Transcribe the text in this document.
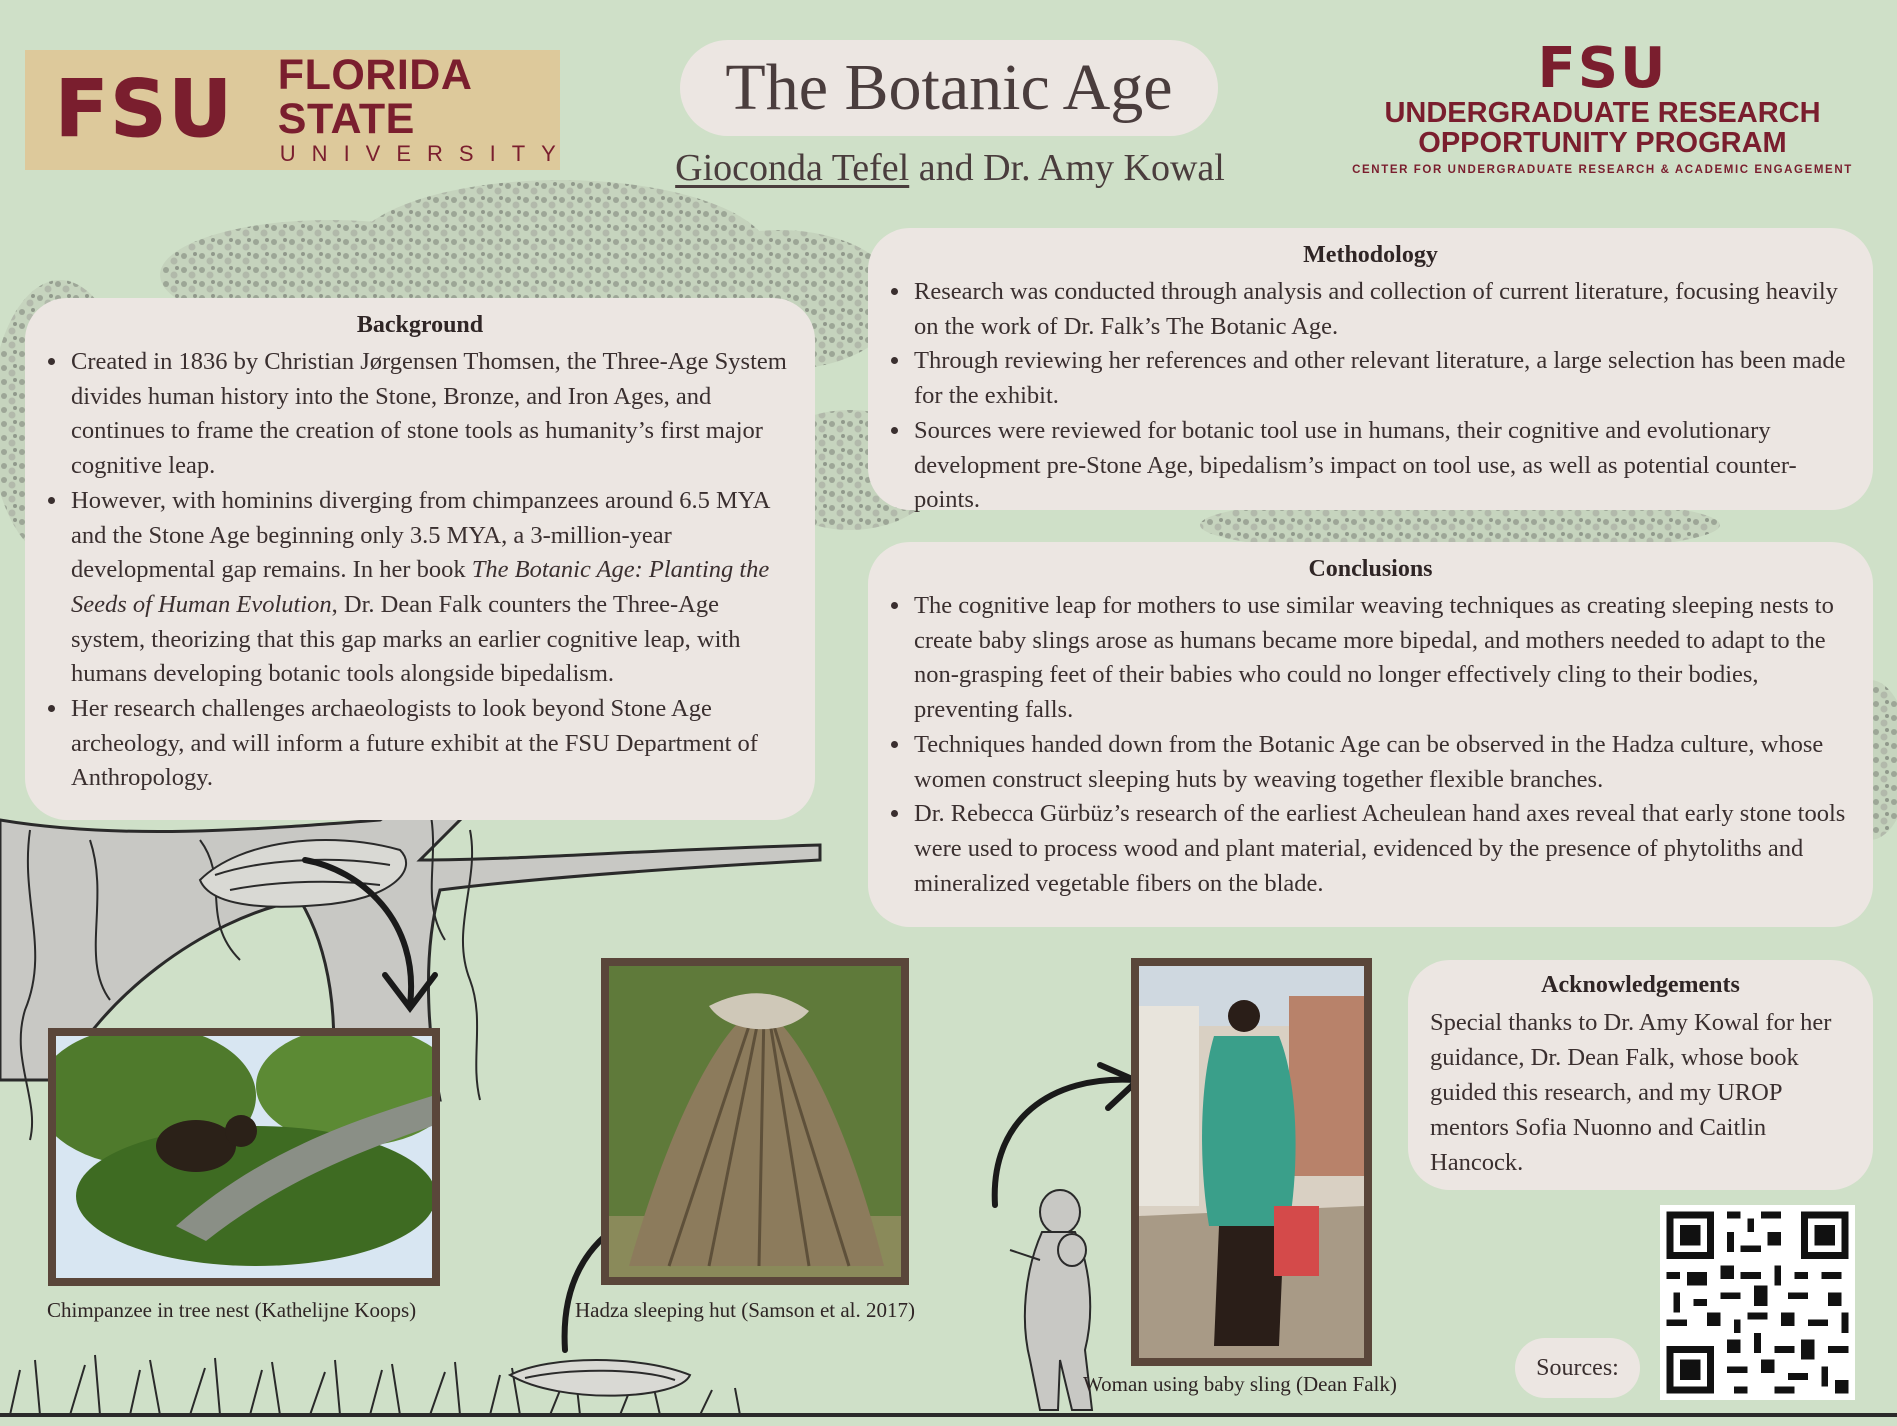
FSU FLORIDA STATE
UNIVERSITY
The Botanic Age
Gioconda Tefel and Dr. Amy Kowal
FSU
UNDERGRADUATE RESEARCH
OPPORTUNITY PROGRAM
CENTER FOR UNDERGRADUATE RESEARCH & ACADEMIC ENGAGEMENT
Background
• Created in 1836 by Christian Jørgensen Thomsen, the Three-Age System divides human history into the Stone, Bronze, and Iron Ages, and continues to frame the creation of stone tools as humanity’s first major cognitive leap.
• However, with hominins diverging from chimpanzees around 6.5 MYA and the Stone Age beginning only 3.5 MYA, a 3-million-year developmental gap remains. In her book The Botanic Age: Planting the Seeds of Human Evolution, Dr. Dean Falk counters the Three-Age system, theorizing that this gap marks an earlier cognitive leap, with humans developing botanic tools alongside bipedalism.
• Her research challenges archaeologists to look beyond Stone Age archeology, and will inform a future exhibit at the FSU Department of Anthropology.
Methodology
• Research was conducted through analysis and collection of current literature, focusing heavily on the work of Dr. Falk’s The Botanic Age.
• Through reviewing her references and other relevant literature, a large selection has been made for the exhibit.
• Sources were reviewed for botanic tool use in humans, their cognitive and evolutionary development pre-Stone Age, bipedalism’s impact on tool use, as well as potential counter-points.
Conclusions
• The cognitive leap for mothers to use similar weaving techniques as creating sleeping nests to create baby slings arose as humans became more bipedal, and mothers needed to adapt to the non-grasping feet of their babies who could no longer effectively cling to their bodies, preventing falls.
• Techniques handed down from the Botanic Age can be observed in the Hadza culture, whose women construct sleeping huts by weaving together flexible branches.
• Dr. Rebecca Gürbüz’s research of the earliest Acheulean hand axes reveal that early stone tools were used to process wood and plant material, evidenced by the presence of phytoliths and mineralized vegetable fibers on the blade.
Acknowledgements

Special thanks to Dr. Amy Kowal for her guidance, Dr. Dean Falk, whose book guided this research, and my UROP mentors Sofia Nuonno and Caitlin Hancock.

Chimpanzee in tree nest (Kathelijne Koops)	Hadza sleeping hut (Samson et al. 2017)
Woman using baby sling (Dean Falk)
Sources:
